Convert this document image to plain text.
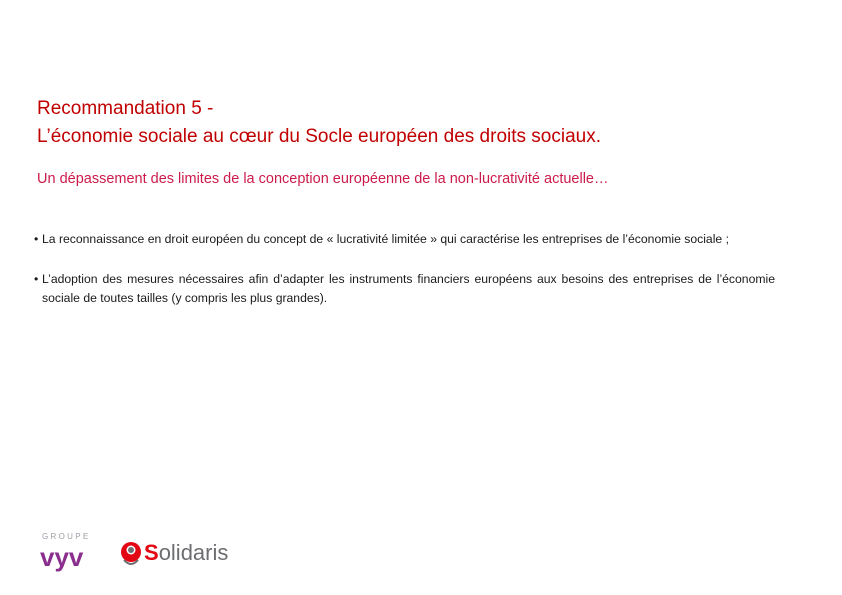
Recommandation 5 -
L’économie sociale au cœur du Socle européen des droits sociaux.
Un dépassement des limites de la conception européenne de la non-lucrativité actuelle…
• La reconnaissance en droit européen du concept de « lucrativité limitée » qui caractérise les entreprises de l’économie sociale ;
• L’adoption des mesures nécessaires afin d’adapter les instruments financiers européens aux besoins des entreprises de l’économie sociale de toutes tailles (y compris les plus grandes).
GROUPE
vyv	Solidaris
